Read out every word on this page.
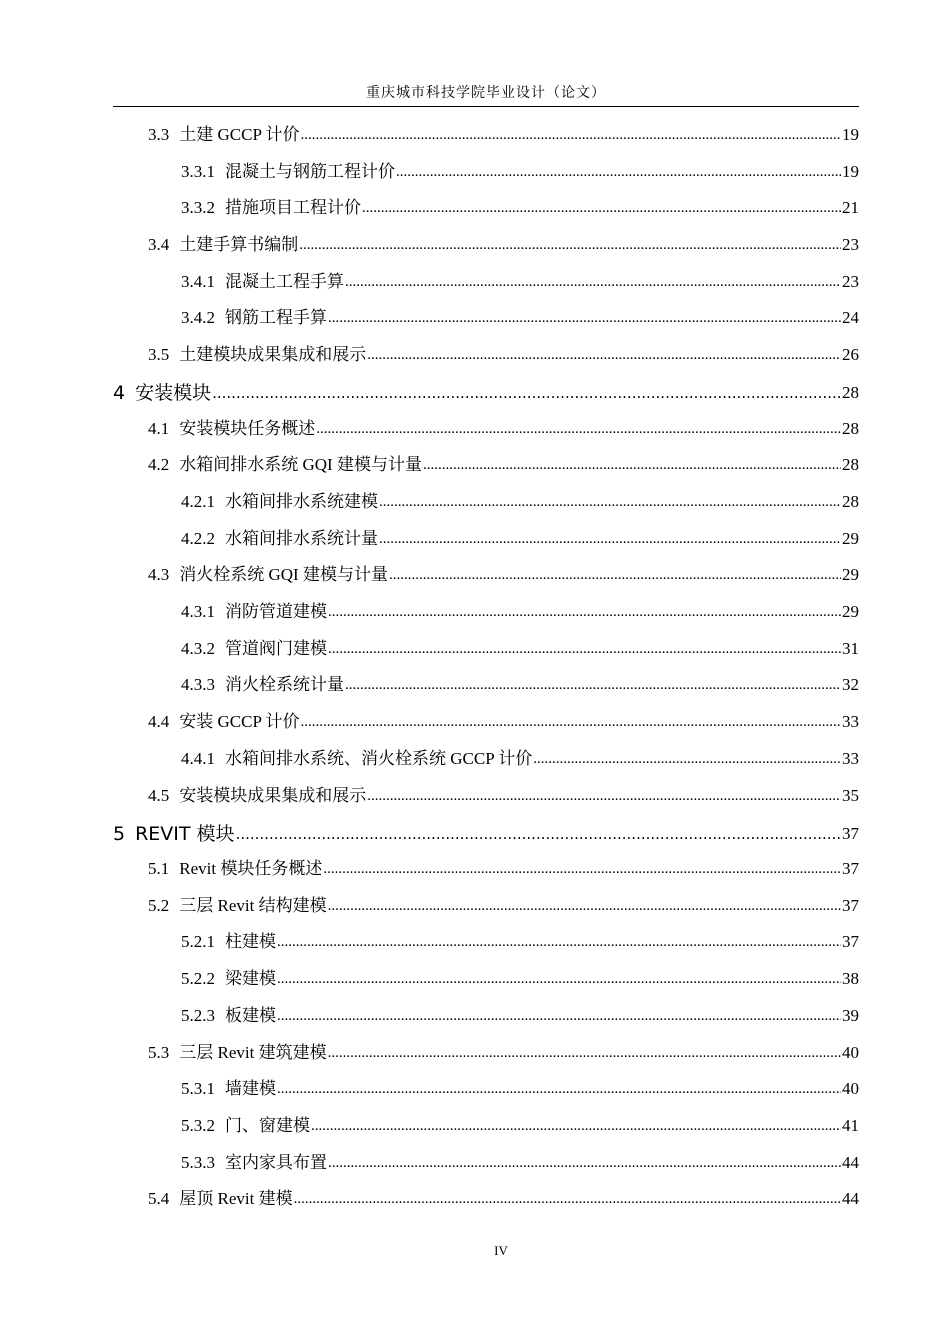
重庆城市科技学院毕业设计（论文）
3.3 土建 GCCP 计价 .....	19
3.3.1 混凝土与钢筋工程计价 .....	19
3.3.2 措施项目工程计价 .....	21
3.4 土建手算书编制 .....	23
3.4.1 混凝土工程手算 .....	23
3.4.2 钢筋工程手算 .....	24
3.5 土建模块成果集成和展示 .....	26
4 安装模块 .....	28
4.1 安装模块任务概述 .....	28
4.2 水箱间排水系统 GQI 建模与计量 .....	28
4.2.1 水箱间排水系统建模 .....	28
4.2.2 水箱间排水系统计量 .....	29
4.3 消火栓系统 GQI 建模与计量 .....	29
4.3.1 消防管道建模 .....	29
4.3.2 管道阀门建模 .....	31
4.3.3 消火栓系统计量 .....	32
4.4 安装 GCCP 计价 .....	33
4.4.1 水箱间排水系统、消火栓系统 GCCP 计价 .....	33
4.5 安装模块成果集成和展示 .....	35
5 REVIT 模块 .....	37
5.1 Revit 模块任务概述 .....	37
5.2 三层 Revit 结构建模 .....	37
5.2.1 柱建模 .....	37
5.2.2 梁建模 .....	38
5.2.3 板建模 .....	39
5.3 三层 Revit 建筑建模 .....	40
5.3.1 墙建模 .....	40
5.3.2 门、窗建模 .....	41
5.3.3 室内家具布置 .....	44
5.4 屋顶 Revit 建模 .....	44
IV
